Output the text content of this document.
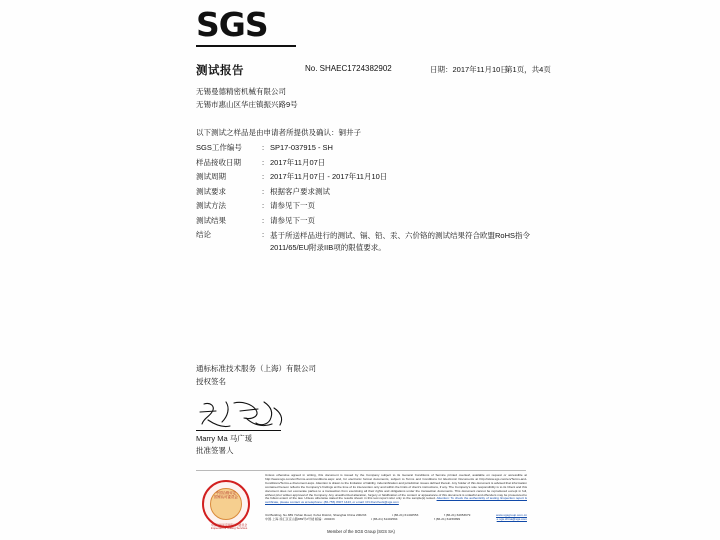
SGS
测试报告	No. SHAEC1724382902	日期：2017年11月10日
第1页，共4页
无锡曼德精密机械有限公司
无锡市惠山区华庄镇振兴路9号
以下测试之样品是由申请者所提供及确认：铜井子
SGS工作编号	: SP17-037915 - SH
样品接收日期	: 2017年11月07日
测试周期	: 2017年11月07日 - 2017年11月10日
测试要求	: 根据客户要求测试
测试方法	: 请参见下一页
测试结果	: 请参见下一页
结论	: 基于所送样品进行的测试、镉、铅、汞、六价铬的测试结果符合欧盟RoHS指令2011/65/EU附录IIB项的限值要求。
通标标准技术服务（上海）有限公司
授权签名
Marry Ma 马广瑗
批准签署人
中国合格评定
国家认可委员会
中国合格评定国家认可委员会
Inspection & Testing Services
Unless otherwise agreed in writing, this document is issued by the Company subject to its General Conditions of Service printed overleaf, available on request or accessible at http://www.sgs.com/en/Terms-and-Conditions.aspx and, for electronic format documents, subject to Terms and Conditions for Electronic Documents at http://www.sgs.com/en/Terms-and-Conditions/Terms-e-Document.aspx. Attention is drawn to the limitation of liability, indemnification and jurisdiction issues defined therein. Any holder of this document is advised that information contained hereon reflects the Company's findings at the time of its intervention only and within the limits of client's instructions, if any. The Company's sole responsibility is to its Client and this document does not exonerate parties to a transaction from exercising all their rights and obligations under the transaction documents. This document cannot be reproduced except in full, without prior written approval of the Company. Any unauthorized alteration, forgery or falsification of the content or appearance of this document is unlawful and offenders may be prosecuted to the fullest extent of the law. Unless otherwise stated the results shown in this test report refer only to the sample(s) tested. Attention: To check the authenticity of testing /inspection report & certificate, please contact us at telephone: (86-755) 8307 1443, or email: CN.Doccheck@sgs.com
3rd Building, No.889 Yishan Road, Xuhui District, Shanghai China 200233	t (86-21) 61402553	f (86-21) 64953679	www.sgsgroup.com.cn
中国·上海·徐汇区宜山路889号2号楼 邮编：200233	t (86-21) 61402594	f (86-21) 61156899	e sgs.china@sgs.com
Member of the SGS Group (SGS SA)
